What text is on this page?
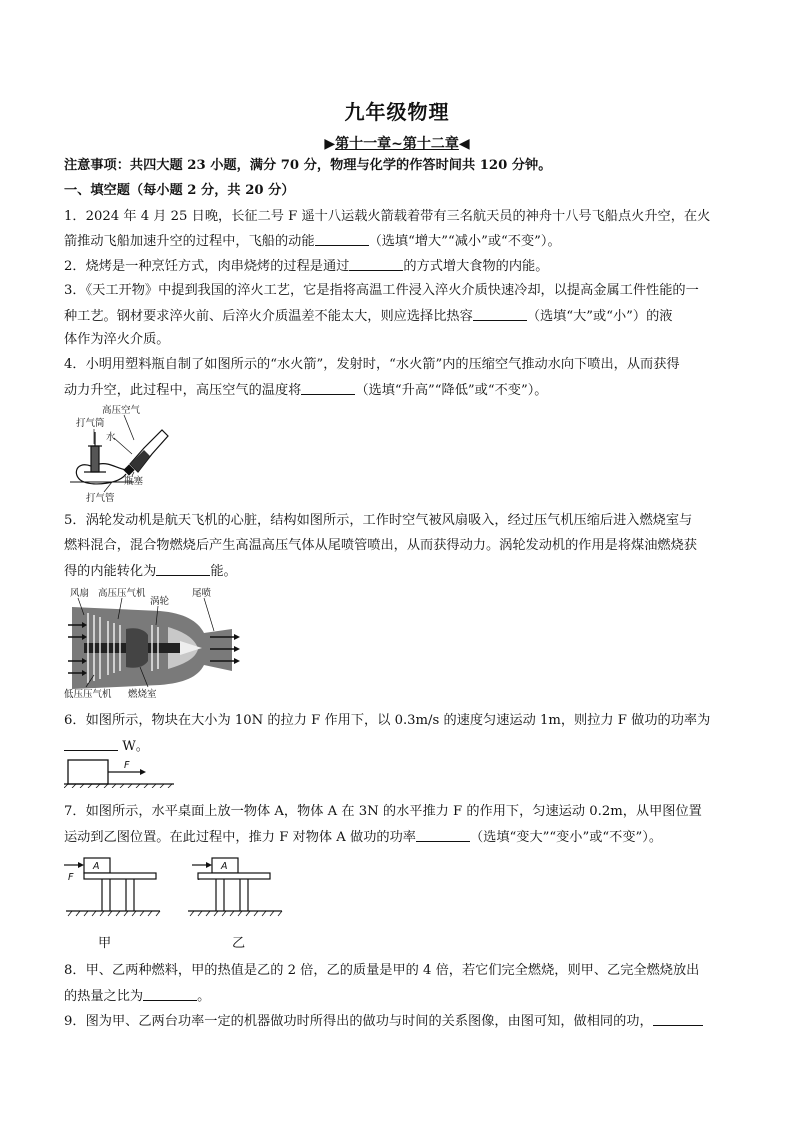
九年级物理
▶第十一章~第十二章◀
注意事项：共四大题 23 小题，满分 70 分，物理与化学的作答时间共 120 分钟。
一、填空题（每小题 2 分，共 20 分）
1．2024 年 4 月 25 日晚，长征二号 F 遥十八运载火箭载着带有三名航天员的神舟十八号飞船点火升空，在火
箭推动飞船加速升空的过程中，飞船的动能	（选填“增大”“减小”或“不变”）。
2．烧烤是一种烹饪方式，肉串烧烤的过程是通过	的方式增大食物的内能。
3．《天工开物》中提到我国的淬火工艺，它是指将高温工件浸入淬火介质快速冷却，以提高金属工件性能的一
种工艺。钢材要求淬火前、后淬火介质温差不能太大，则应选择比热容	（选填“大”或“小”）的液
体作为淬火介质。
4．小明用塑料瓶自制了如图所示的“水火箭”，发射时，“水火箭”内的压缩空气推动水向下喷出，从而获得
动力升空，此过程中，高压空气的温度将	（选填“升高”“降低”或“不变”）。
高压空气
打气筒
水
瓶塞
打气管
5．涡轮发动机是航天飞机的心脏，结构如图所示，工作时空气被风扇吸入，经过压气机压缩后进入燃烧室与
燃料混合，混合物燃烧后产生高温高压气体从尾喷管喷出，从而获得动力。涡轮发动机的作用是将煤油燃烧获
得的内能转化为	能。
风扇 高压压气机
涡轮
尾喷
低压压气机 燃烧室
6．如图所示，物块在大小为 10N 的拉力 F 作用下，以 0.3m/s 的速度匀速运动 1m，则拉力 F 做功的功率为
W。
F
7．如图所示，水平桌面上放一物体 A，物体 A 在 3N 的水平推力 F 的作用下，匀速运动 0.2m，从甲图位置
运动到乙图位置。在此过程中，推力 F 对物体 A 做功的功率	（选填“变大”“变小”或“不变”）。
A
F
A
甲	乙
8．甲、乙两种燃料，甲的热值是乙的 2 倍，乙的质量是甲的 4 倍，若它们完全燃烧，则甲、乙完全燃烧放出
的热量之比为	。
9．图为甲、乙两台功率一定的机器做功时所得出的做功与时间的关系图像，由图可知，做相同的功，
